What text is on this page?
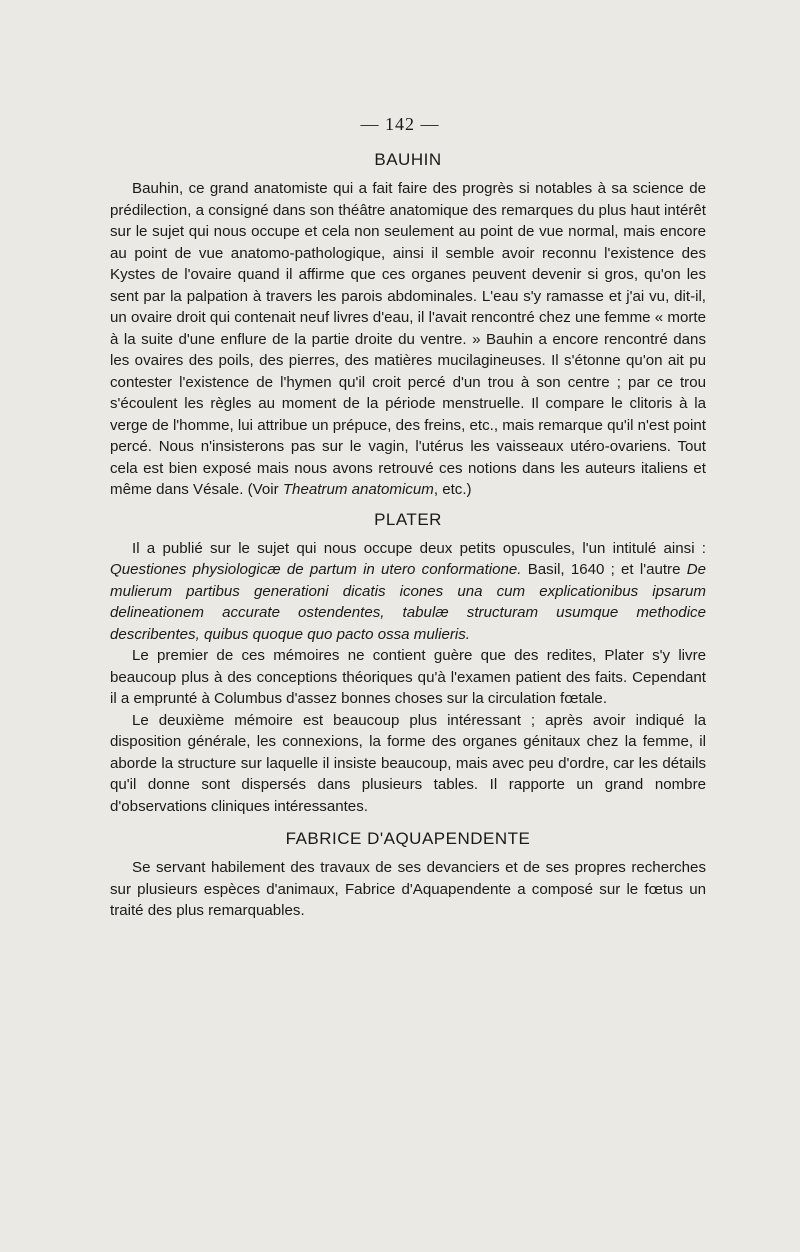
— 142 —
BAUHIN

Bauhin, ce grand anatomiste qui a fait faire des progrès si notables à sa science de prédilection, a consigné dans son théâtre anatomique des remarques du plus haut intérêt sur le sujet qui nous occupe et cela non seulement au point de vue normal, mais encore au point de vue anatomo-pathologique, ainsi il semble avoir reconnu l'existence des Kystes de l'ovaire quand il affirme que ces organes peuvent devenir si gros, qu'on les sent par la palpation à travers les parois abdominales. L'eau s'y ramasse et j'ai vu, dit-il, un ovaire droit qui contenait neuf livres d'eau, il l'avait rencontré chez une femme « morte à la suite d'une enflure de la partie droite du ventre. » Bauhin a encore rencontré dans les ovaires des poils, des pierres, des matières mucilagineuses. Il s'étonne qu'on ait pu contester l'existence de l'hymen qu'il croit percé d'un trou à son centre ; par ce trou s'écoulent les règles au moment de la période menstruelle. Il compare le clitoris à la verge de l'homme, lui attribue un prépuce, des freins, etc., mais remarque qu'il n'est point percé. Nous n'insisterons pas sur le vagin, l'utérus les vaisseaux utéro-ovariens. Tout cela est bien exposé mais nous avons retrouvé ces notions dans les auteurs italiens et même dans Vésale. (Voir Theatrum anatomicum, etc.)

PLATER

Il a publié sur le sujet qui nous occupe deux petits opuscules, l'un intitulé ainsi : Questiones physiologicæ de partum in utero conformatione. Basil, 1640 ; et l'autre De mulierum partibus generationi dicatis icones una cum explicationibus ipsarum delineationem accurate ostendentes, tabulæ structuram usumque methodice describentes, quibus quoque quo pacto ossa mulieris.

Le premier de ces mémoires ne contient guère que des redites, Plater s'y livre beaucoup plus à des conceptions théoriques qu'à l'examen patient des faits. Cependant il a emprunté à Columbus d'assez bonnes choses sur la circulation fœtale.

Le deuxième mémoire est beaucoup plus intéressant ; après avoir indiqué la disposition générale, les connexions, la forme des organes génitaux chez la femme, il aborde la structure sur laquelle il insiste beaucoup, mais avec peu d'ordre, car les détails qu'il donne sont dispersés dans plusieurs tables. Il rapporte un grand nombre d'observations cliniques intéressantes.

FABRICE D'AQUAPENDENTE

Se servant habilement des travaux de ses devanciers et de ses propres recherches sur plusieurs espèces d'animaux, Fabrice d'Aquapendente a composé sur le fœtus un traité des plus remarquables.
